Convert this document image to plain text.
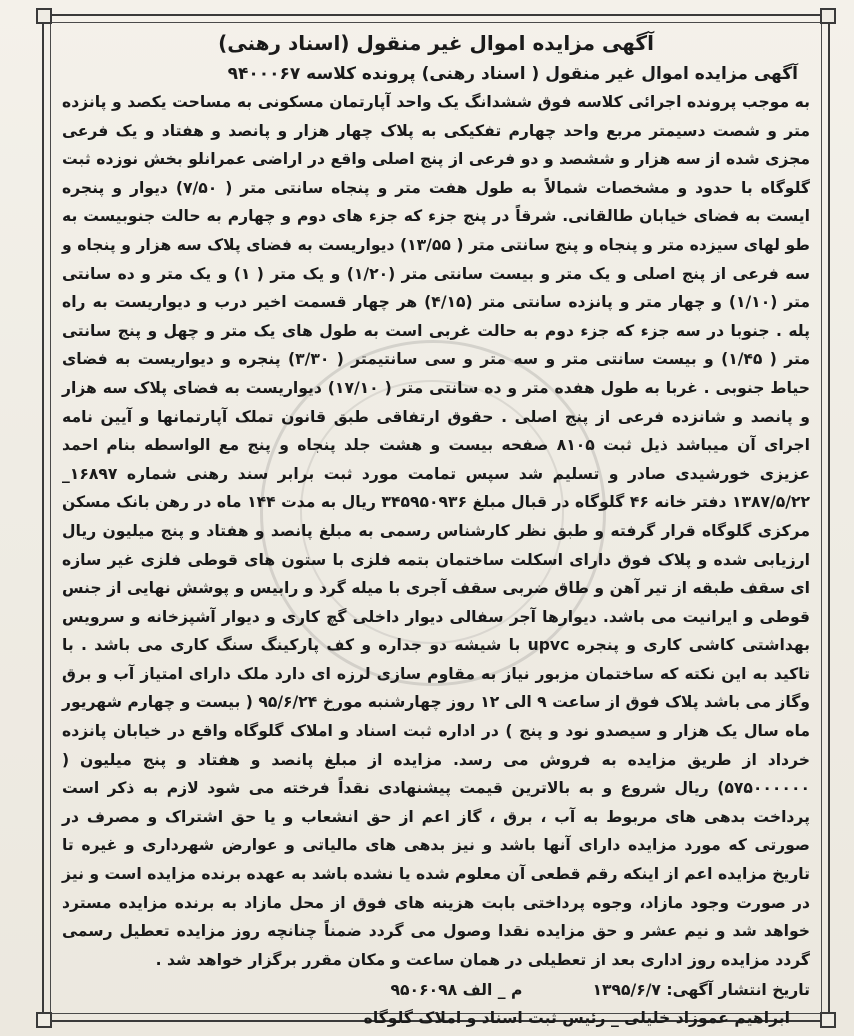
آگهی مزایده اموال غیر منقول (اسناد رهنی)
آگهی مزایده اموال غیر منقول ( اسناد رهنی) پرونده کلاسه ۹۴۰۰۰۶۷

به موجب پرونده اجرائی کلاسه فوق ششدانگ یک واحد آپارتمان مسکونی به مساحت یکصد و پانزده متر و شصت دسیمتر مربع واحد چهارم تفکیکی به پلاک چهار هزار و پانصد و هفتاد و یک فرعی مجزی شده از سه هزار و ششصد و دو فرعی از پنج اصلی واقع در اراضی عمرانلو بخش نوزده ثبت گلوگاه با حدود و مشخصات شمالاً به طول هفت متر و پنجاه سانتی متر ( ۷/۵۰) دیوار و پنجره ایست به فضای خیابان طالقانی. شرقاً در پنج جزء که جزء های دوم و چهارم به حالت جنوبیست به طو لهای سیزده متر و پنجاه و پنج سانتی متر ( ۱۳/۵۵) دیواریست به فضای پلاک سه هزار و پنجاه و سه فرعی از پنج اصلی و یک متر و بیست سانتی متر (۱/۲۰) و یک متر ( ۱) و یک متر و ده سانتی متر (۱/۱۰) و چهار متر و پانزده سانتی متر (۴/۱۵) هر چهار قسمت اخیر درب و دیواریست به راه پله . جنوبا در سه جزء که جزء دوم به حالت غربی است به طول های یک متر و چهل و پنج سانتی متر ( ۱/۴۵) و بیست سانتی متر و سه متر و سی سانتیمتر ( ۳/۳۰) پنجره و دیواریست به فضای حیاط جنوبی . غربا به طول هفده متر و ده سانتی متر ( ۱۷/۱۰) دیواریست به فضای پلاک سه هزار و پانصد و شانزده فرعی از پنج اصلی . حقوق ارتفاقی طبق قانون تملک آپارتمانها و آیین نامه اجرای آن میباشد ذیل ثبت ۸۱۰۵ صفحه بیست و هشت جلد پنجاه و پنج مع الواسطه بنام احمد عزیزی خورشیدی صادر و تسلیم شد سپس تمامت مورد ثبت برابر سند رهنی شماره ۱۶۸۹۷_ ۱۳۸۷/۵/۲۲ دفتر خانه ۴۶ گلوگاه در قبال مبلغ ۳۴۵۹۵۰۹۳۶ ریال به مدت ۱۴۴ ماه در رهن بانک مسکن مرکزی گلوگاه قرار گرفته و طبق نظر کارشناس رسمی به مبلغ پانصد و هفتاد و پنج میلیون ریال ارزیابی شده و پلاک فوق دارای اسکلت ساختمان بتمه فلزی با ستون های قوطی فلزی غیر سازه ای سقف طبقه از تیر آهن و طاق ضربی سقف آجری با میله گرد و رابیس و پوشش نهایی از جنس قوطی و ایرانیت می باشد. دیوارها آجر سفالی دیوار داخلی گچ کاری و دیوار آشپزخانه و سرویس بهداشتی کاشی کاری و پنجره upvc با شیشه دو جداره و کف پارکینگ سنگ کاری می باشد . با تاکید به این نکته که ساختمان مزبور نیاز به مقاوم سازی لرزه ای دارد ملک دارای امتیاز آب و برق وگاز می باشد پلاک فوق از ساعت ۹ الی ۱۲ روز چهارشنبه مورخ ۹۵/۶/۲۴ ( بیست و چهارم شهریور ماه سال یک هزار و سیصدو نود و پنج ) در اداره ثبت اسناد و املاک گلوگاه واقع در خیابان پانزده خرداد از طریق مزایده به فروش می رسد. مزایده از مبلغ پانصد و هفتاد و پنج میلیون ( ۵۷۵۰۰۰۰۰۰) ریال شروع و به بالاترین قیمت پیشنهادی نقداً فرخته می شود لازم به ذکر است پرداخت بدهی های مربوط به آب ، برق ، گاز اعم از حق انشعاب و یا حق اشتراک و مصرف در صورتی که مورد مزایده دارای آنها باشد و نیز بدهی های مالیاتی و عوارض شهرداری و غیره تا تاریخ مزایده اعم از اینکه رقم قطعی آن معلوم شده یا نشده باشد به عهده برنده مزایده است و نیز در صورت وجود مازاد، وجوه پرداختی بابت هزینه های فوق از محل مازاد به برنده مزایده مسترد خواهد شد و نیم عشر و حق مزایده نقدا وصول می گردد ضمناً چنانچه روز مزایده تعطیل رسمی گردد مزایده روز اداری بعد از تعطیلی در همان ساعت و مکان مقرر برگزار خواهد شد .

تاریخ انتشار آگهی: ۱۳۹۵/۶/۷
م _ الف ۹۵۰۶۰۹۸
ابراهیم عموزاد خلیلی _ رئیس ثبت اسناد و املاک گلوگاه
